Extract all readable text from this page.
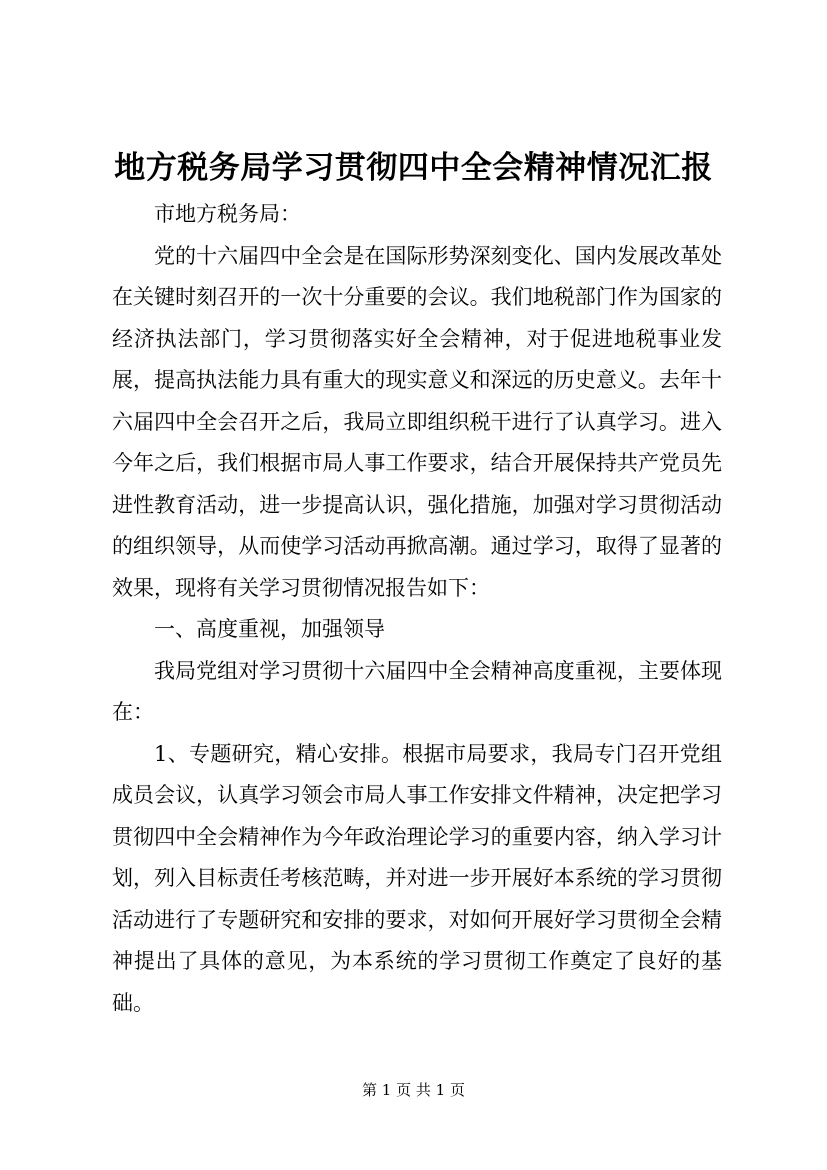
地方税务局学习贯彻四中全会精神情况汇报

市地方税务局：

党的十六届四中全会是在国际形势深刻变化、国内发展改革处在关键时刻召开的一次十分重要的会议。我们地税部门作为国家的经济执法部门，学习贯彻落实好全会精神，对于促进地税事业发展，提高执法能力具有重大的现实意义和深远的历史意义。去年十六届四中全会召开之后，我局立即组织税干进行了认真学习。进入今年之后，我们根据市局人事工作要求，结合开展保持共产党员先进性教育活动，进一步提高认识，强化措施，加强对学习贯彻活动的组织领导，从而使学习活动再掀高潮。通过学习，取得了显著的效果，现将有关学习贯彻情况报告如下：

一、高度重视，加强领导

我局党组对学习贯彻十六届四中全会精神高度重视，主要体现在：

1、专题研究，精心安排。根据市局要求，我局专门召开党组成员会议，认真学习领会市局人事工作安排文件精神，决定把学习贯彻四中全会精神作为今年政治理论学习的重要内容，纳入学习计划，列入目标责任考核范畴，并对进一步开展好本系统的学习贯彻活动进行了专题研究和安排的要求，对如何开展好学习贯彻全会精神提出了具体的意见，为本系统的学习贯彻工作奠定了良好的基础。

第 1 页 共 1 页
